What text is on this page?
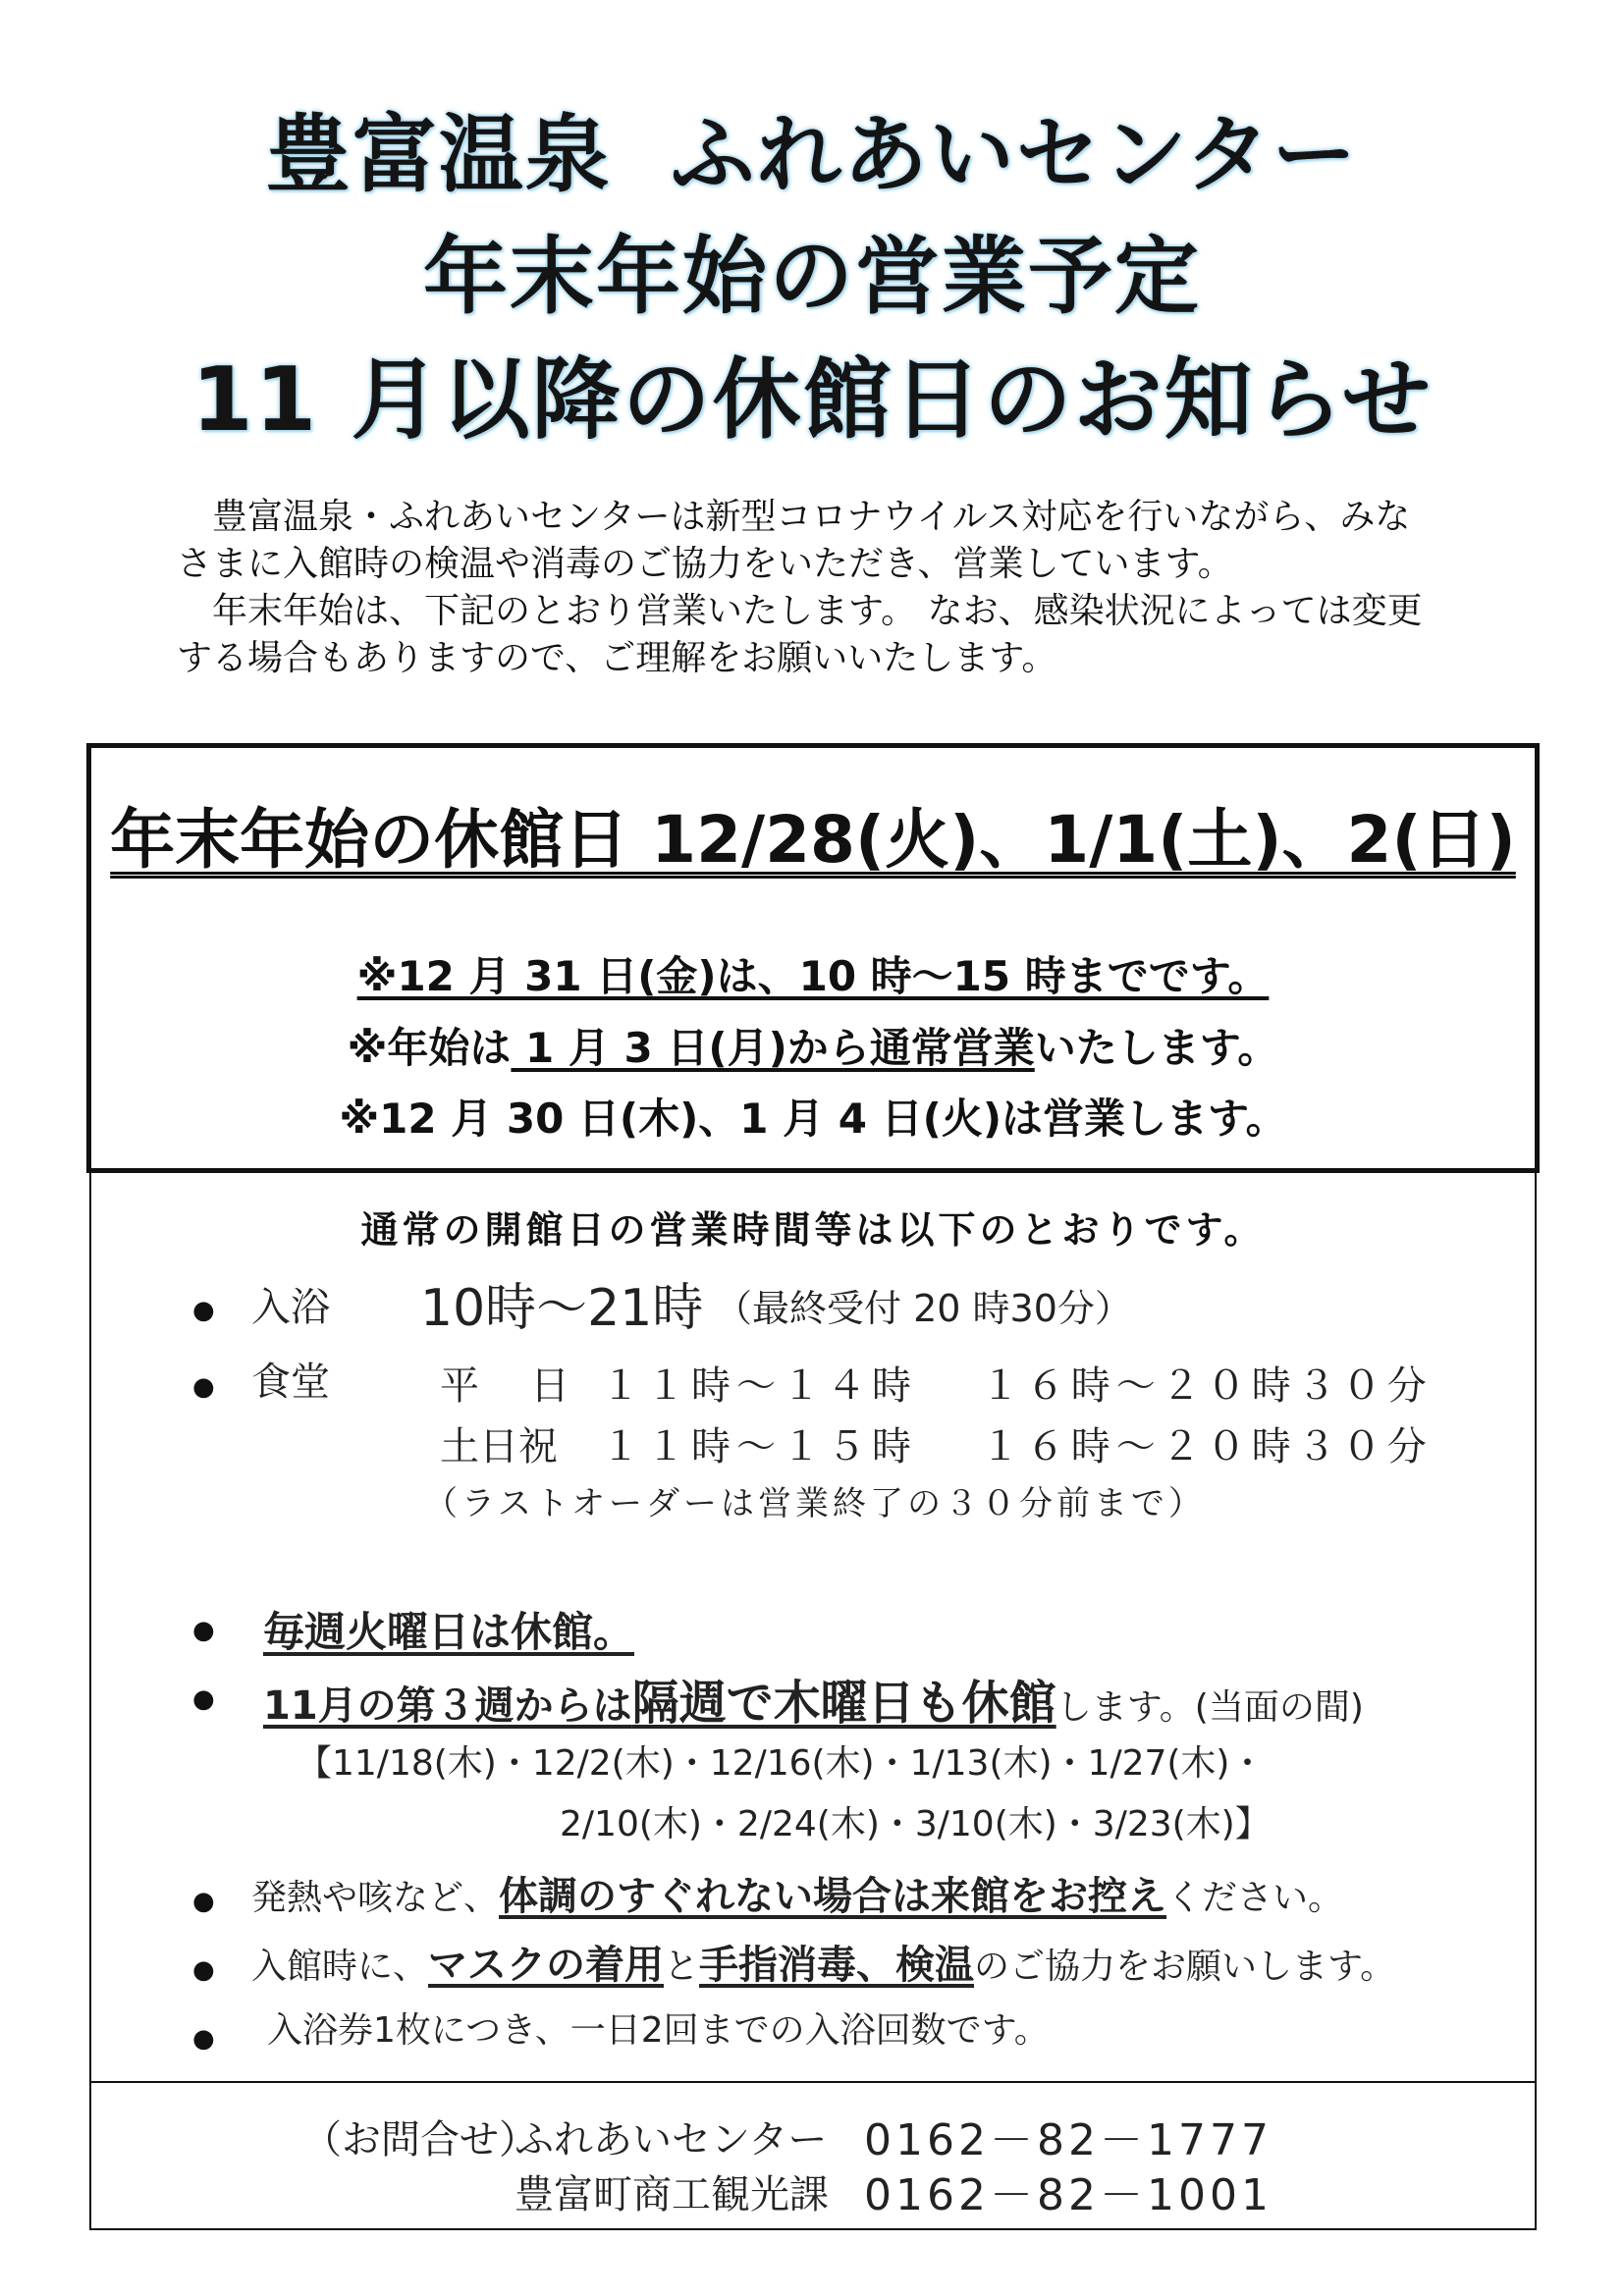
豊富温泉 ふれあいセンター
年末年始の営業予定
11 月以降の休館日のお知らせ

　豊富温泉・ふれあいセンターは新型コロナウイルス対応を行いながら、みな

さまに入館時の検温や消毒のご協力をいただき、営業しています。

　年末年始は、下記のとおり営業いたします。 なお、感染状況によっては変更

する場合もありますので、ご理解をお願いいたします。

年末年始の休館日 12/28(火)、1/1(土)、2(日)
※12 月 31 日(金)は、10 時～15 時までです。
※年始は 1 月 3 日(月)から通常営業いたします。
※12 月 30 日(木)、1 月 4 日(火)は営業します。
通常の開館日の営業時間等は以下のとおりです。
● 入浴 10時～21時 （最終受付 20 時30分）
● 食堂	平　日 １１時～１４時　 １６時～２０時３０分
土日祝 １１時～１５時　 １６時～２０時３０分
（ラストオーダーは営業終了の３０分前まで）
● 毎週火曜日は休館。
● 11月の第３週からは隔週で木曜日も休館します。(当面の間)
【11/18(木)・12/2(木)・12/16(木)・1/13(木)・1/27(木)・
2/10(木)・2/24(木)・3/10(木)・3/23(木)】
● 発熱や咳など、体調のすぐれない場合は来館をお控えください。
● 入館時に、マスクの着用と手指消毒、検温のご協力をお願いします。
● 入浴券1枚につき、一日2回までの入浴回数です。
（お問合せ）
ふれあいセンター 0162－82－1777
豊富町商工観光課 0162－82－1001
